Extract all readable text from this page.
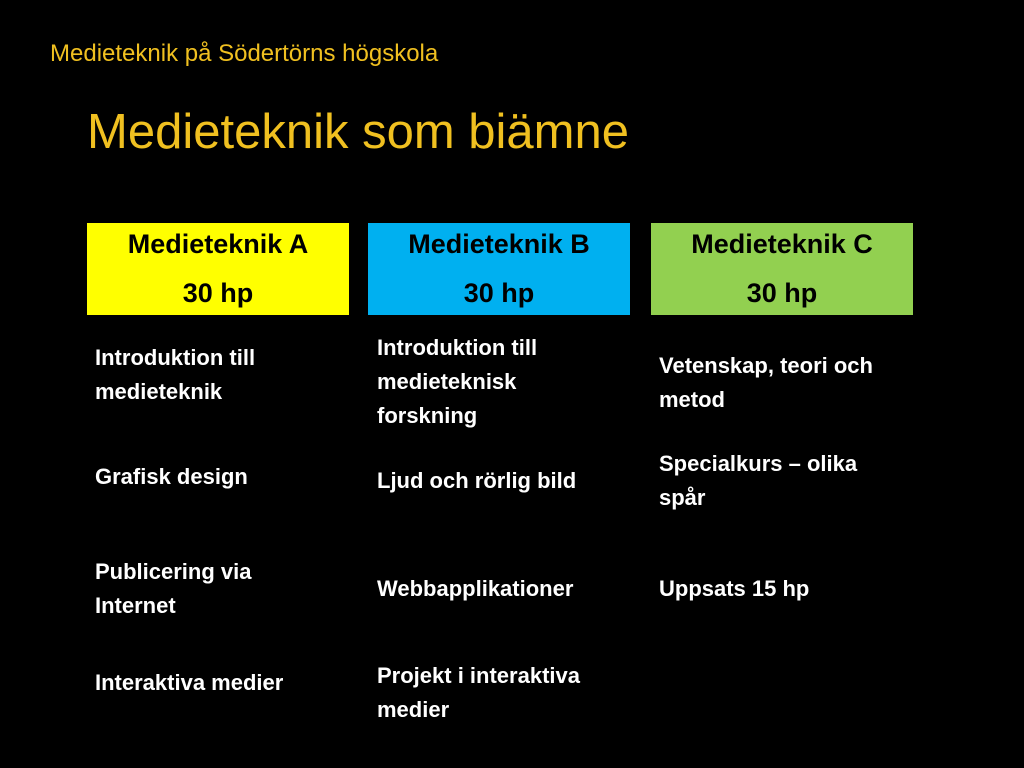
Medieteknik på Södertörns högskola
Medieteknik som biämne
Medieteknik A
30 hp
Introduktion till medieteknik
Grafisk design
Publicering via Internet
Interaktiva medier
Medieteknik B
30 hp
Introduktion till medieteknisk forskning
Ljud och rörlig bild
Webbapplikationer
Projekt i interaktiva medier
Medieteknik C
30 hp
Vetenskap, teori och metod
Specialkurs – olika spår
Uppsats 15 hp
